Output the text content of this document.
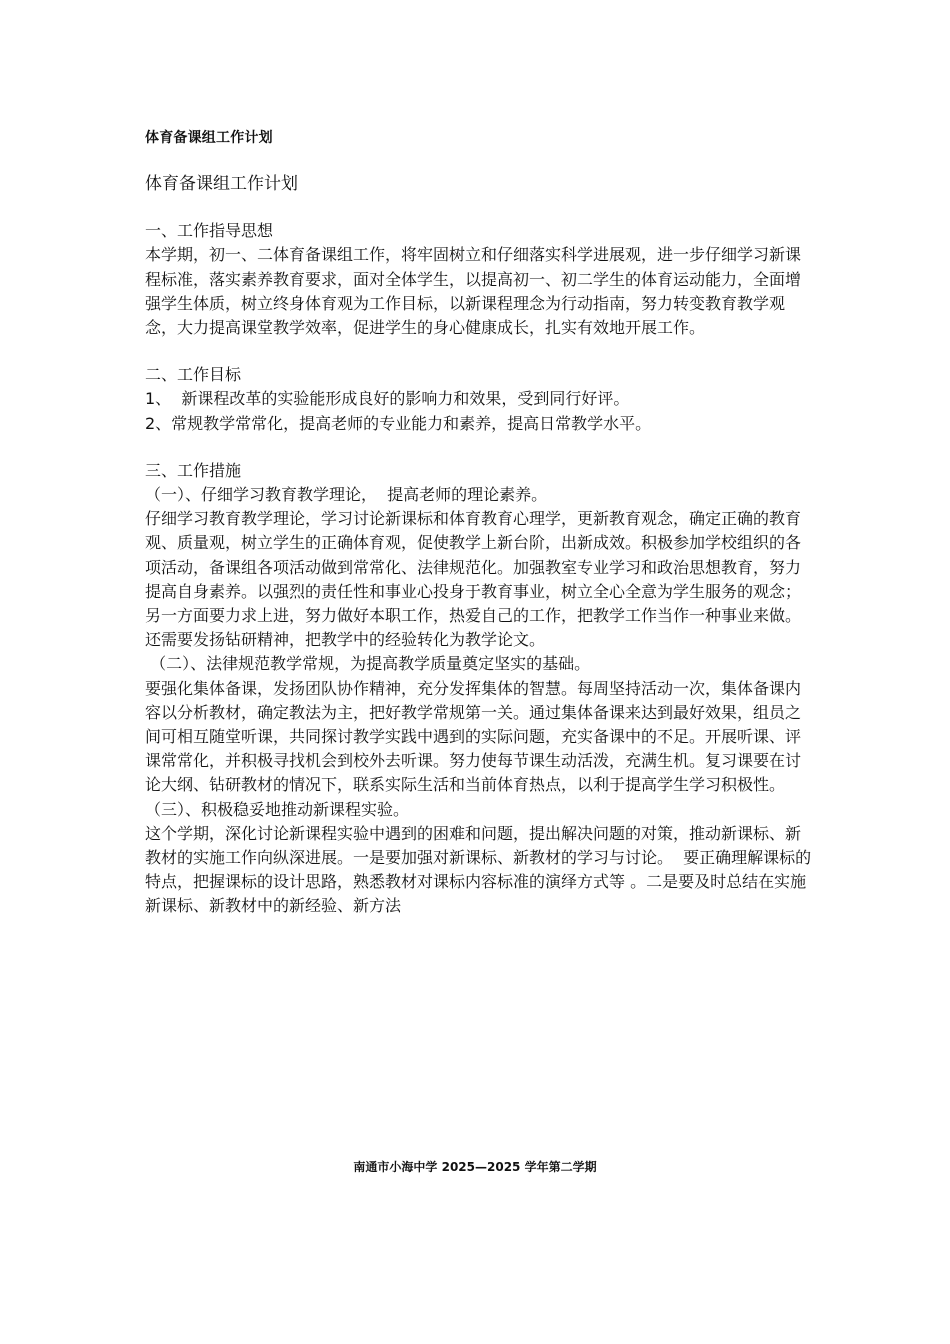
体育备课组工作计划
体育备课组工作计划

一、工作指导思想

本学期，初一、二体育备课组工作，将牢固树立和仔细落实科学进展观，进一步仔细学习新课程标准，落实素养教育要求，面对全体学生，以提高初一、初二学生的体育运动能力，全面增强学生体质，树立终身体育观为工作目标，以新课程理念为行动指南，努力转变教育教学观念，大力提高课堂教学效率，促进学生的身心健康成长，扎实有效地开展工作。

二、工作目标

1、  新课程改革的实验能形成良好的影响力和效果，受到同行好评。

2、常规教学常常化，提高老师的专业能力和素养，提高日常教学水平。

三、工作措施

（一）、仔细学习教育教学理论，  提高老师的理论素养。

仔细学习教育教学理论，学习讨论新课标和体育教育心理学，更新教育观念，确定正确的教育观、质量观，树立学生的正确体育观，促使教学上新台阶，出新成效。积极参加学校组织的各项活动，备课组各项活动做到常常化、法律规范化。加强教室专业学习和政治思想教育，努力提高自身素养。以强烈的责任性和事业心投身于教育事业，树立全心全意为学生服务的观念；另一方面要力求上进，努力做好本职工作，热爱自己的工作，把教学工作当作一种事业来做。还需要发扬钻研精神，把教学中的经验转化为教学论文。

（二）、法律规范教学常规，为提高教学质量奠定坚实的基础。

要强化集体备课，发扬团队协作精神，充分发挥集体的智慧。每周坚持活动一次，集体备课内容以分析教材，确定教法为主，把好教学常规第一关。通过集体备课来达到最好效果，组员之间可相互随堂听课，共同探讨教学实践中遇到的实际问题，充实备课中的不足。开展听课、评课常常化，并积极寻找机会到校外去听课。努力使每节课生动活泼，充满生机。复习课要在讨论大纲、钻研教材的情况下，联系实际生活和当前体育热点，以利于提高学生学习积极性。

（三）、积极稳妥地推动新课程实验。

这个学期，深化讨论新课程实验中遇到的困难和问题，提出解决问题的对策，推动新课标、新教材的实施工作向纵深进展。一是要加强对新课标、新教材的学习与讨论。  要正确理解课标的特点，把握课标的设计思路，熟悉教材对课标内容标准的演绎方式等 。二是要及时总结在实施新课标、新教材中的新经验、新方法

南通市小海中学 2025—2025 学年第二学期
